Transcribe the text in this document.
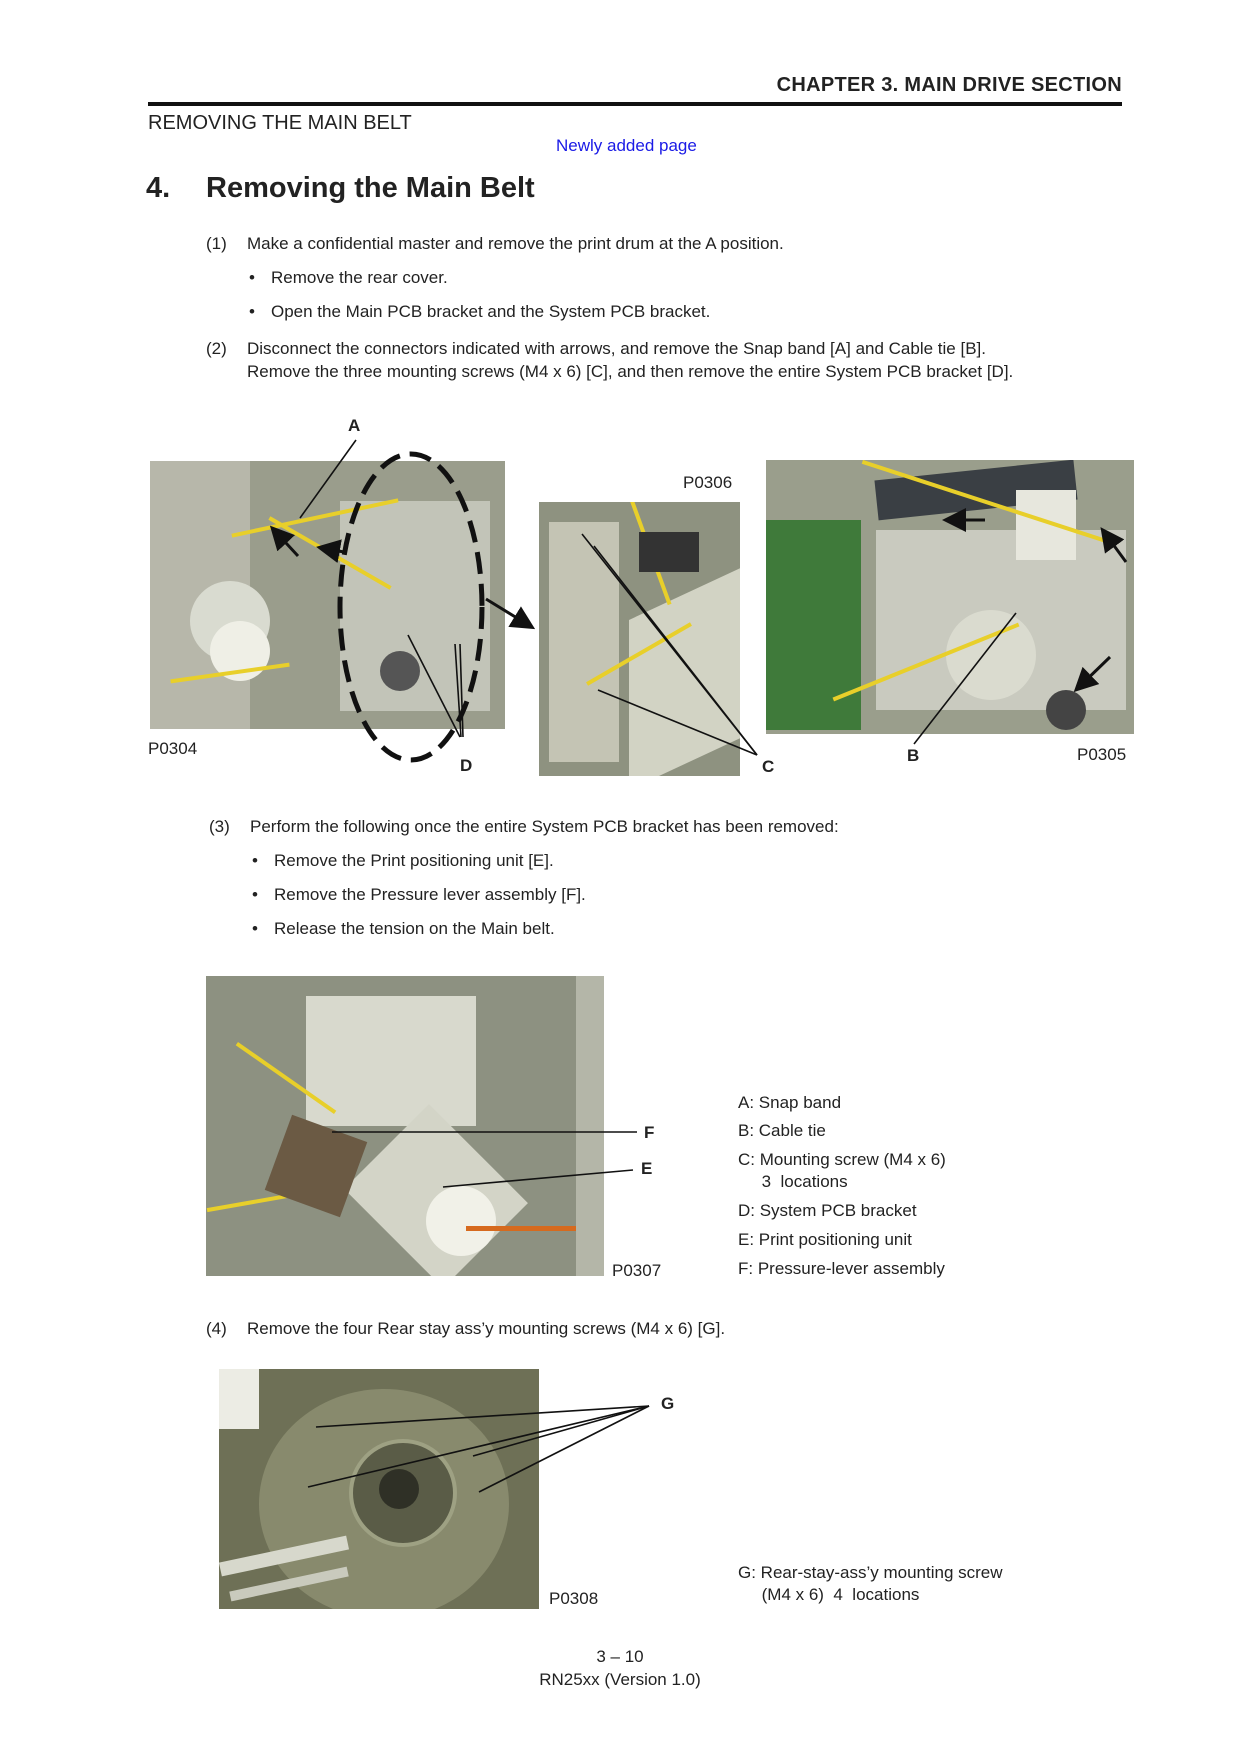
CHAPTER 3. MAIN DRIVE SECTION
REMOVING THE MAIN BELT
Newly added page
4. Removing the Main Belt
(1) Make a confidential master and remove the print drum at the A position.
• Remove the rear cover.
• Open the Main PCB bracket and the System PCB bracket.
(2) Disconnect the connectors indicated with arrows, and remove the Snap band [A] and Cable tie [B].
Remove the three mounting screws (M4 x 6) [C], and then remove the entire System PCB bracket [D].
A
D	C
B
P0304
P0306
P0305
(3) Perform the following once the entire System PCB bracket has been removed:
• Remove the Print positioning unit [E].
• Remove the Pressure lever assembly [F].
• Release the tension on the Main belt.
F
E
P0307
A: Snap band
B: Cable tie
C: Mounting screw (M4 x 6)
3  locations
D: System PCB bracket
E: Print positioning unit
F: Pressure-lever assembly
(4) Remove the four Rear stay ass’y mounting screws (M4 x 6) [G].
G
P0308
G: Rear-stay-ass’y mounting screw
(M4 x 6)  4  locations
3 – 10
RN25xx (Version 1.0)
